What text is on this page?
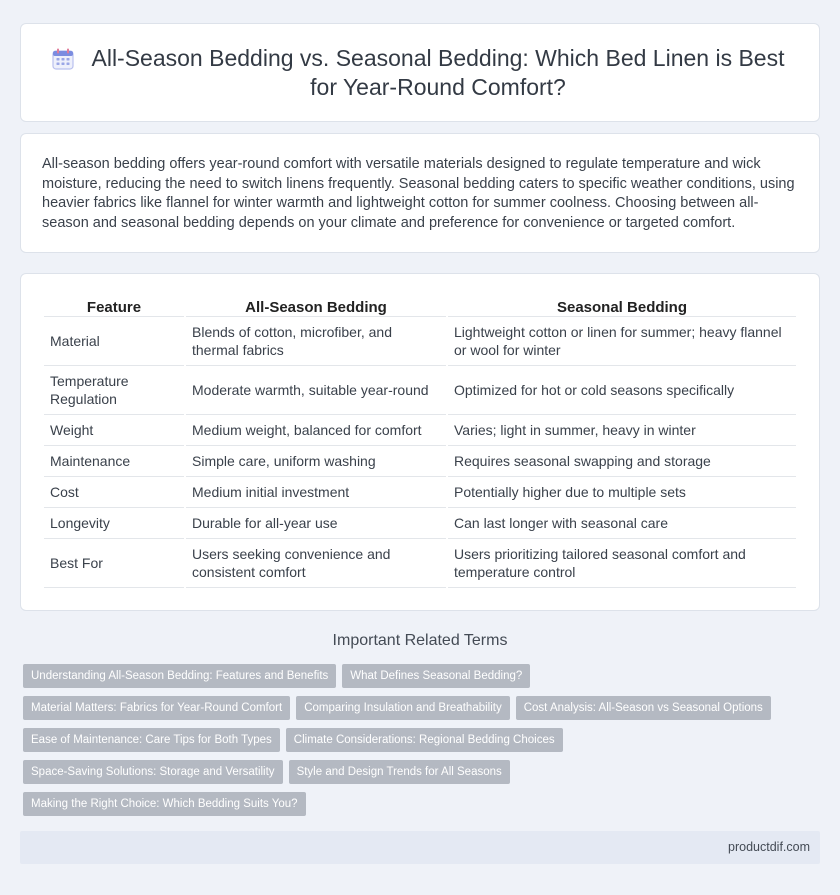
All-Season Bedding vs. Seasonal Bedding: Which Bed Linen is Best for Year-Round Comfort?

All-season bedding offers year-round comfort with versatile materials designed to regulate temperature and wick moisture, reducing the need to switch linens frequently. Seasonal bedding caters to specific weather conditions, using heavier fabrics like flannel for winter warmth and lightweight cotton for summer coolness. Choosing between all-season and seasonal bedding depends on your climate and preference for convenience or targeted comfort.

Feature	All-Season Bedding	Seasonal Bedding
Material	Blends of cotton, microfiber, and thermal fabrics	Lightweight cotton or linen for summer; heavy flannel or wool for winter
Temperature Regulation	Moderate warmth, suitable year-round	Optimized for hot or cold seasons specifically
Weight	Medium weight, balanced for comfort	Varies; light in summer, heavy in winter
Maintenance	Simple care, uniform washing	Requires seasonal swapping and storage
Cost	Medium initial investment	Potentially higher due to multiple sets
Longevity	Durable for all-year use	Can last longer with seasonal care
Best For	Users seeking convenience and consistent comfort	Users prioritizing tailored seasonal comfort and temperature control
Important Related Terms
Understanding All-Season Bedding: Features and Benefits	What Defines Seasonal Bedding?
Material Matters: Fabrics for Year-Round Comfort	Comparing Insulation and Breathability	Cost Analysis: All-Season vs Seasonal Options
Ease of Maintenance: Care Tips for Both Types	Climate Considerations: Regional Bedding Choices
Space-Saving Solutions: Storage and Versatility	Style and Design Trends for All Seasons
Making the Right Choice: Which Bedding Suits You?
productdif.com
